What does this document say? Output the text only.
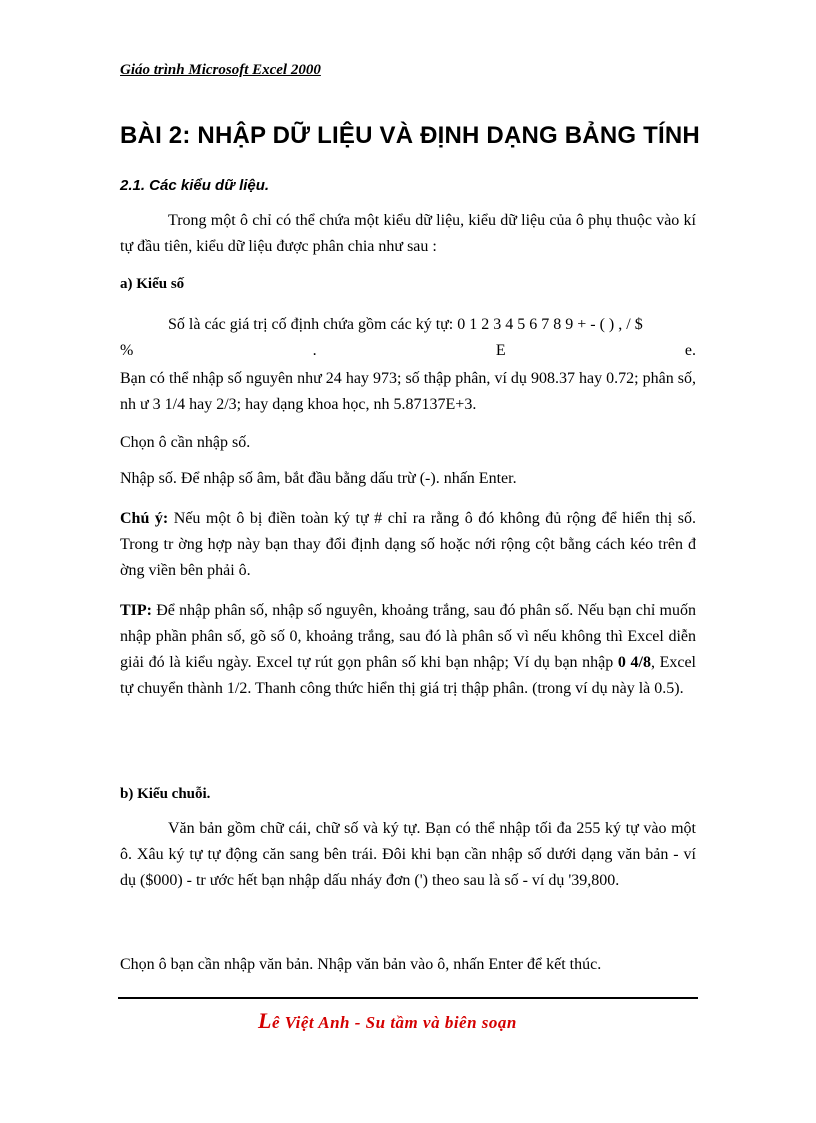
Giáo trình Microsoft Excel 2000
BÀI 2: NHẬP DỮ LIỆU VÀ ĐỊNH DẠNG BẢNG TÍNH
2.1. Các kiểu dữ liệu.

Trong một ô chỉ có thể chứa một kiểu dữ liệu, kiểu dữ liệu của ô phụ thuộc vào kí tự đầu tiên, kiểu dữ liệu được phân chia như sau :

a) Kiểu số

Số là các giá trị cố định chứa gồm các ký tự: 0 1 2 3 4 5 6 7 8 9 + - ( ) , / $

%	.	E	e.

Bạn có thể nhập số nguyên như 24 hay 973; số thập phân, ví dụ 908.37 hay 0.72; phân số, nh ư 3 1/4 hay 2/3; hay dạng khoa học, nh 5.87137E+3.

Chọn ô cần nhập số.

Nhập số. Để nhập số âm, bắt đầu bằng dấu trừ (-). nhấn Enter.

Chú ý: Nếu một ô bị điền toàn ký tự # chỉ ra rằng ô đó không đủ rộng để hiển thị số. Trong tr ờng hợp này bạn thay đổi định dạng số hoặc nới rộng cột bằng cách kéo trên đ ờng viền bên phải ô.

TIP: Để nhập phân số, nhập số nguyên, khoảng trắng, sau đó phân số. Nếu bạn chỉ muốn nhập phần phân số, gõ số 0, khoảng trắng, sau đó là phân số vì nếu không thì Excel diễn giải đó là kiểu ngày. Excel tự rút gọn phân số khi bạn nhập; Ví dụ bạn nhập 0 4/8, Excel tự chuyển thành 1/2. Thanh công thức hiển thị giá trị thập phân. (trong ví dụ này là 0.5).

b) Kiểu chuỗi.

Văn bản gồm chữ cái, chữ số và ký tự. Bạn có thể nhập tối đa 255 ký tự vào một ô. Xâu ký tự tự động căn sang bên trái. Đôi khi bạn cần nhập số dưới dạng văn bản - ví dụ ($000) - tr ước hết bạn nhập dấu nháy đơn (') theo sau là số - ví dụ '39,800.

Chọn ô bạn cần nhập văn bản. Nhập văn bản vào ô, nhấn Enter để kết thúc.

Lê Việt Anh - Su tầm và biên soạn
